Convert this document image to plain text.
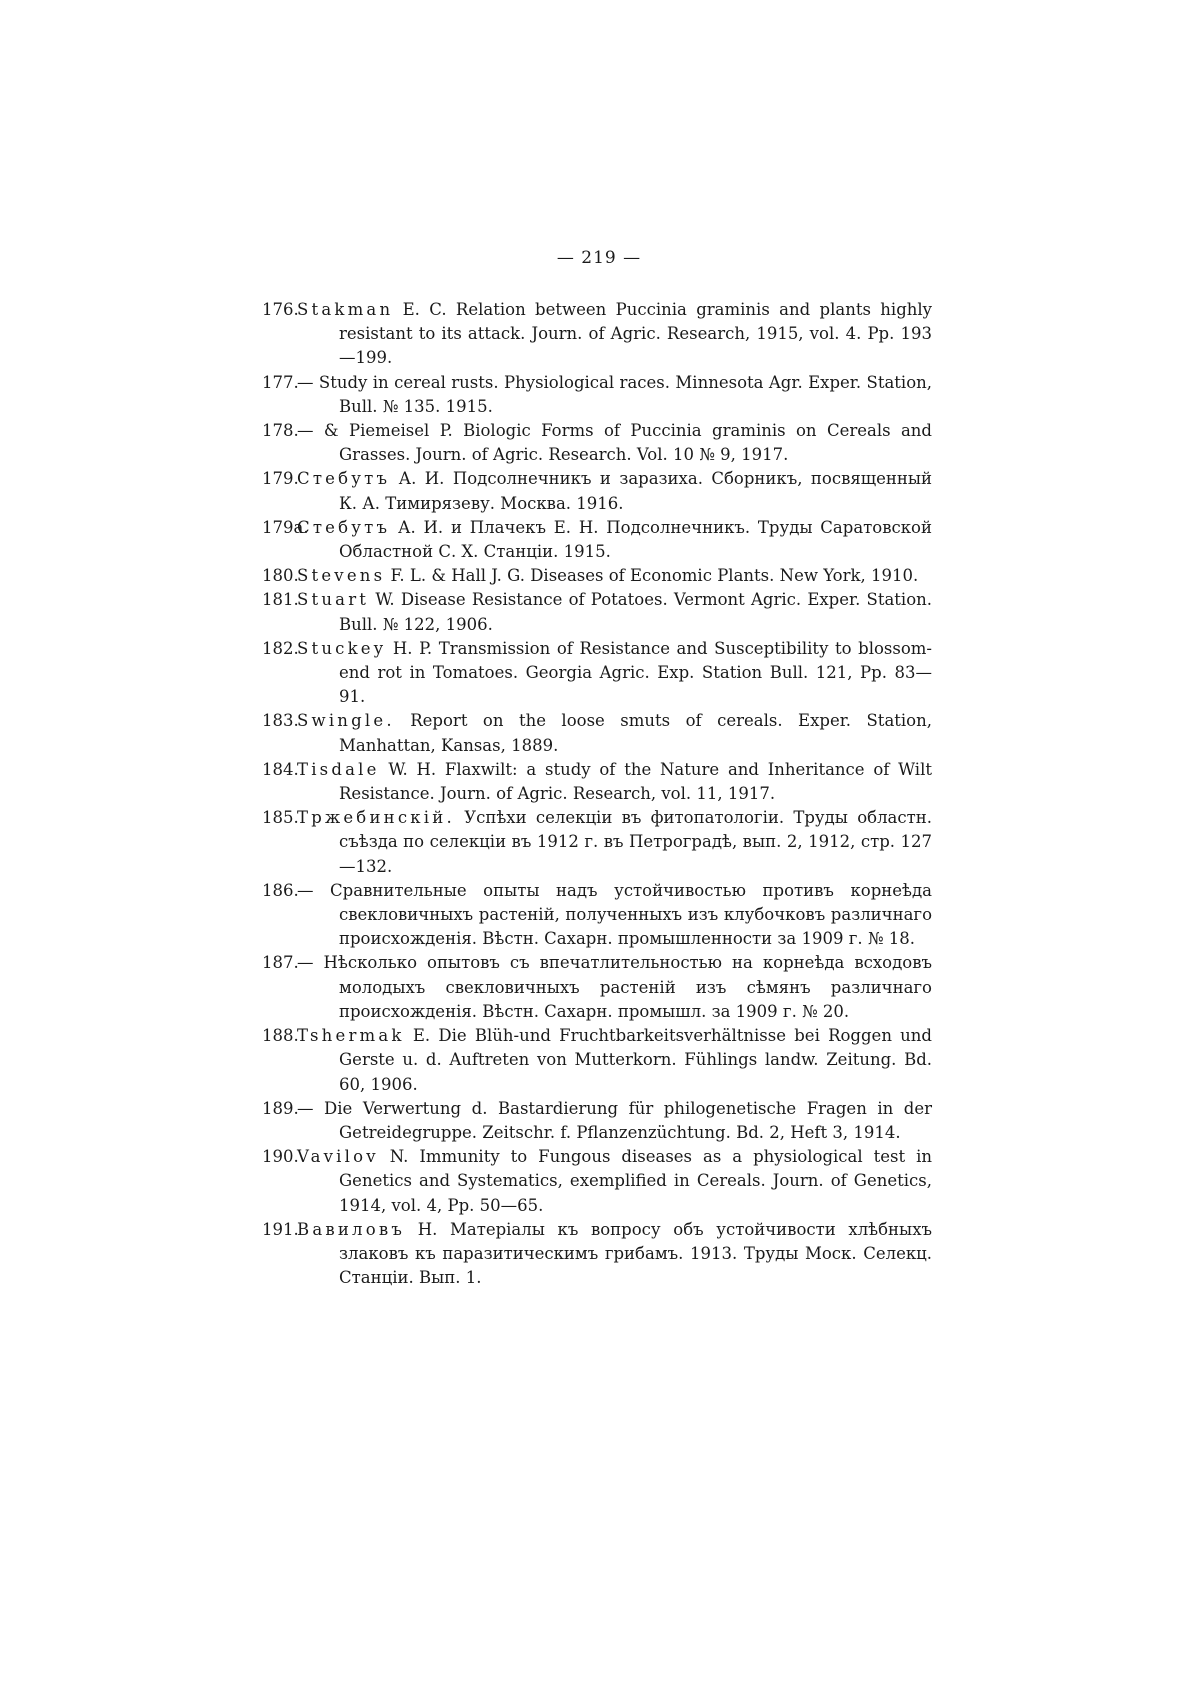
— 219 —
176.
Stakman E. C. Relation between Puccinia graminis and plants highly resistant to its attack. Journ. of Agric. Research, 1915, vol. 4. Pp. 193—199.
177.
— Study in cereal rusts. Physiological races. Minnesota Agr. Exper. Station, Bull. № 135. 1915.
178.
— & Piemeisel P. Biologic Forms of Puccinia graminis on Cereals and Grasses. Journ. of Agric. Research. Vol. 10 № 9, 1917.
179.
Стебутъ А. И. Подсолнечникъ и заразиха. Сборникъ, посвященный К. А. Тимирязеву. Москва. 1916.
179a.
Стебутъ А. И. и Плачекъ Е. Н. Подсолнечникъ. Труды Саратовской Областной С. Х. Станціи. 1915.
180.
Stevens F. L. & Hall J. G. Diseases of Economic Plants. New York, 1910.
181.
Stuart W. Disease Resistance of Potatoes. Vermont Agric. Exper. Station. Bull. № 122, 1906.
182.
Stuckey H. P. Transmission of Resistance and Susceptibility to blossom-end rot in Tomatoes. Georgia Agric. Exp. Station Bull. 121, Pp. 83—91.
183.
Swingle. Report on the loose smuts of cereals. Exper. Station, Manhattan, Kansas, 1889.
184.
Tisdale W. H. Flaxwilt: a study of the Nature and Inheritance of Wilt Resistance. Journ. of Agric. Research, vol. 11, 1917.
185.
Тржебинскій. Успѣхи селекціи въ фитопатологіи. Труды областн. съѣзда по селекціи въ 1912 г. въ Петроградѣ, вып. 2, 1912, стр. 127—132.
186.
— Сравнительные опыты надъ устойчивостью противъ корнеѣда свекловичныхъ растеній, полученныхъ изъ клубочковъ различнаго происхожденія. Вѣстн. Сахарн. промышленности за 1909 г. № 18.
187.
— Нѣсколько опытовъ съ впечатлительностью на корнеѣда всходовъ молодыхъ свекловичныхъ растеній изъ сѣмянъ различнаго происхожденія. Вѣстн. Сахарн. промышл. за 1909 г. № 20.
188.
Tshermak E. Die Blüh-und Fruchtbarkeitsverhältnisse bei Roggen und Gerste u. d. Auftreten von Mutterkorn. Fühlings landw. Zeitung. Bd. 60, 1906.
189.
— Die Verwertung d. Bastardierung für philogenetische Fragen in der Getreidegruppe. Zeitschr. f. Pflanzenzüchtung. Bd. 2, Heft 3, 1914.
190.
Vavilov N. Immunity to Fungous diseases as a physiological test in Genetics and Systematics, exemplified in Cereals. Journ. of Genetics, 1914, vol. 4, Pp. 50—65.
191.
Вавиловъ Н. Матеріалы къ вопросу объ устойчивости хлѣбныхъ злаковъ къ паразитическимъ грибамъ. 1913. Труды Моск. Селекц. Станціи. Вып. 1.
